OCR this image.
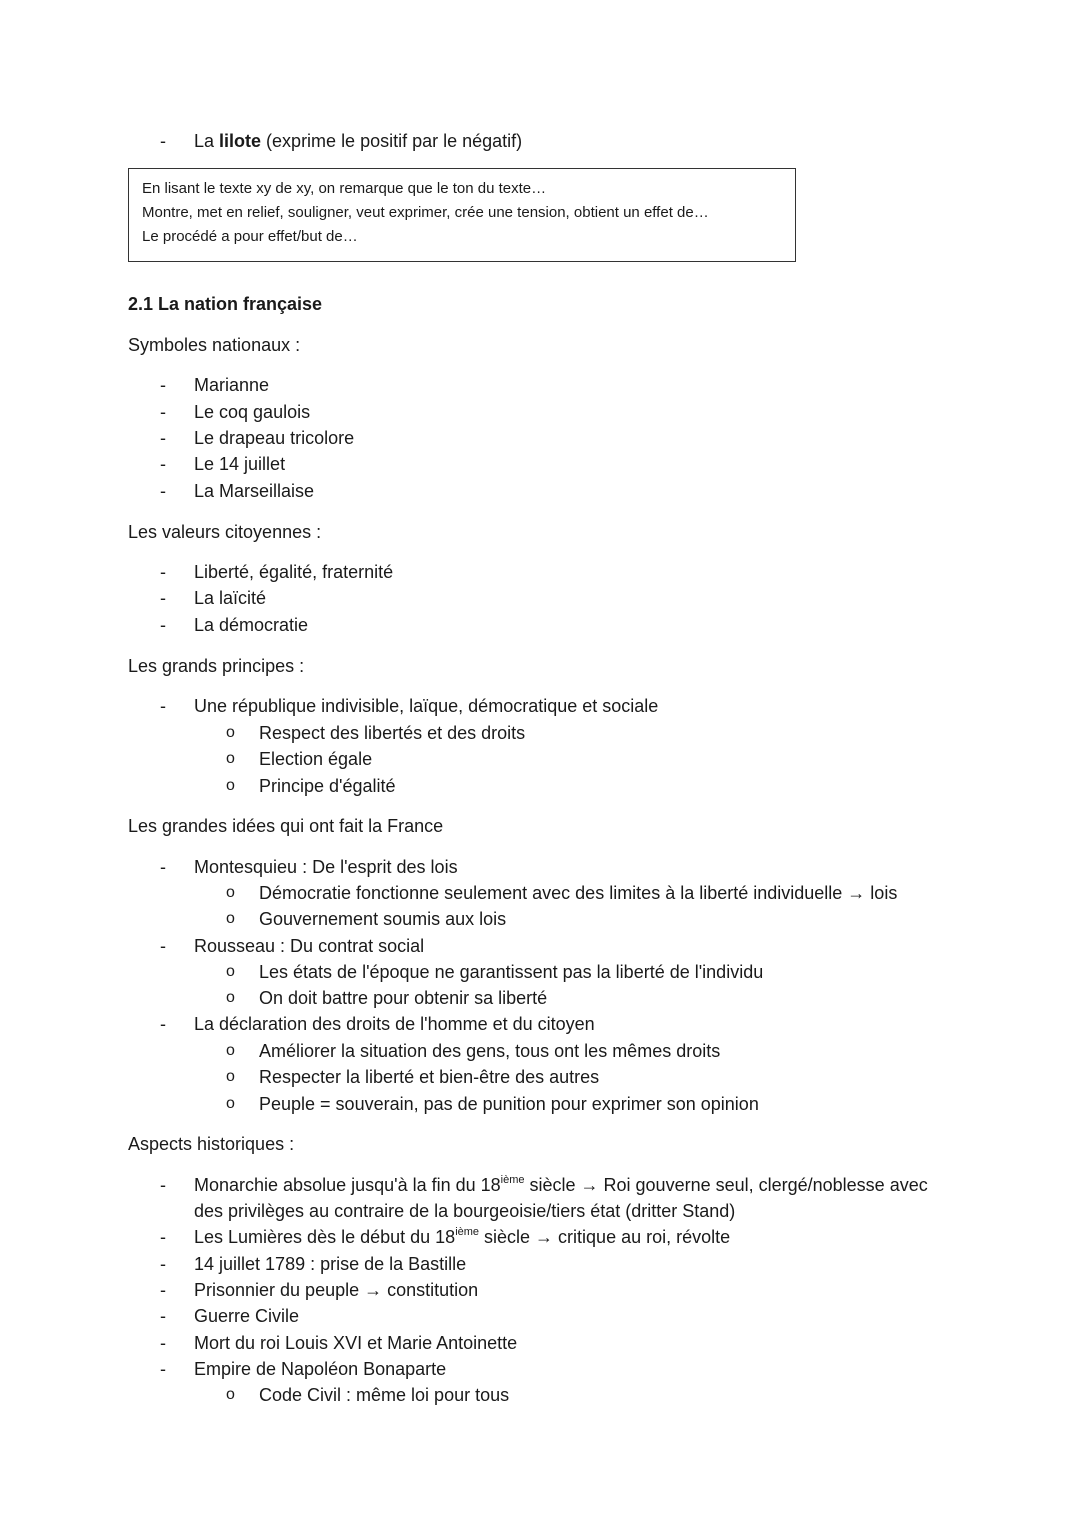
- La lilote (exprime le positif par le négatif)
En lisant le texte xy de xy, on remarque que le ton du texte…
Montre, met en relief, souligner, veut exprimer, crée une tension, obtient un effet de…
Le procédé a pour effet/but de…
2.1 La nation française
Symboles nationaux :
- Marianne
- Le coq gaulois
- Le drapeau tricolore
- Le 14 juillet
- La Marseillaise
Les valeurs citoyennes :
- Liberté, égalité, fraternité
- La laïcité
- La démocratie
Les grands principes :
- Une république indivisible, laïque, démocratique et sociale
o Respect des libertés et des droits
o Election égale
o Principe d'égalité
Les grandes idées qui ont fait la France
- Montesquieu : De l'esprit des lois
o Démocratie fonctionne seulement avec des limites à la liberté individuelle → lois
o Gouvernement soumis aux lois
- Rousseau : Du contrat social
o Les états de l'époque ne garantissent pas la liberté de l'individu
o On doit battre pour obtenir sa liberté
- La déclaration des droits de l'homme et du citoyen
o Améliorer la situation des gens, tous ont les mêmes droits
o Respecter la liberté et bien-être des autres
o Peuple = souverain, pas de punition pour exprimer son opinion
Aspects historiques :
- Monarchie absolue jusqu'à la fin du 18ième siècle → Roi gouverne seul, clergé/noblesse avec
des privilèges au contraire de la bourgeoisie/tiers état (dritter Stand)
- Les Lumières dès le début du 18ième siècle → critique au roi, révolte
- 14 juillet 1789 : prise de la Bastille
- Prisonnier du peuple → constitution
- Guerre Civile
- Mort du roi Louis XVI et Marie Antoinette
- Empire de Napoléon Bonaparte
o Code Civil : même loi pour tous
